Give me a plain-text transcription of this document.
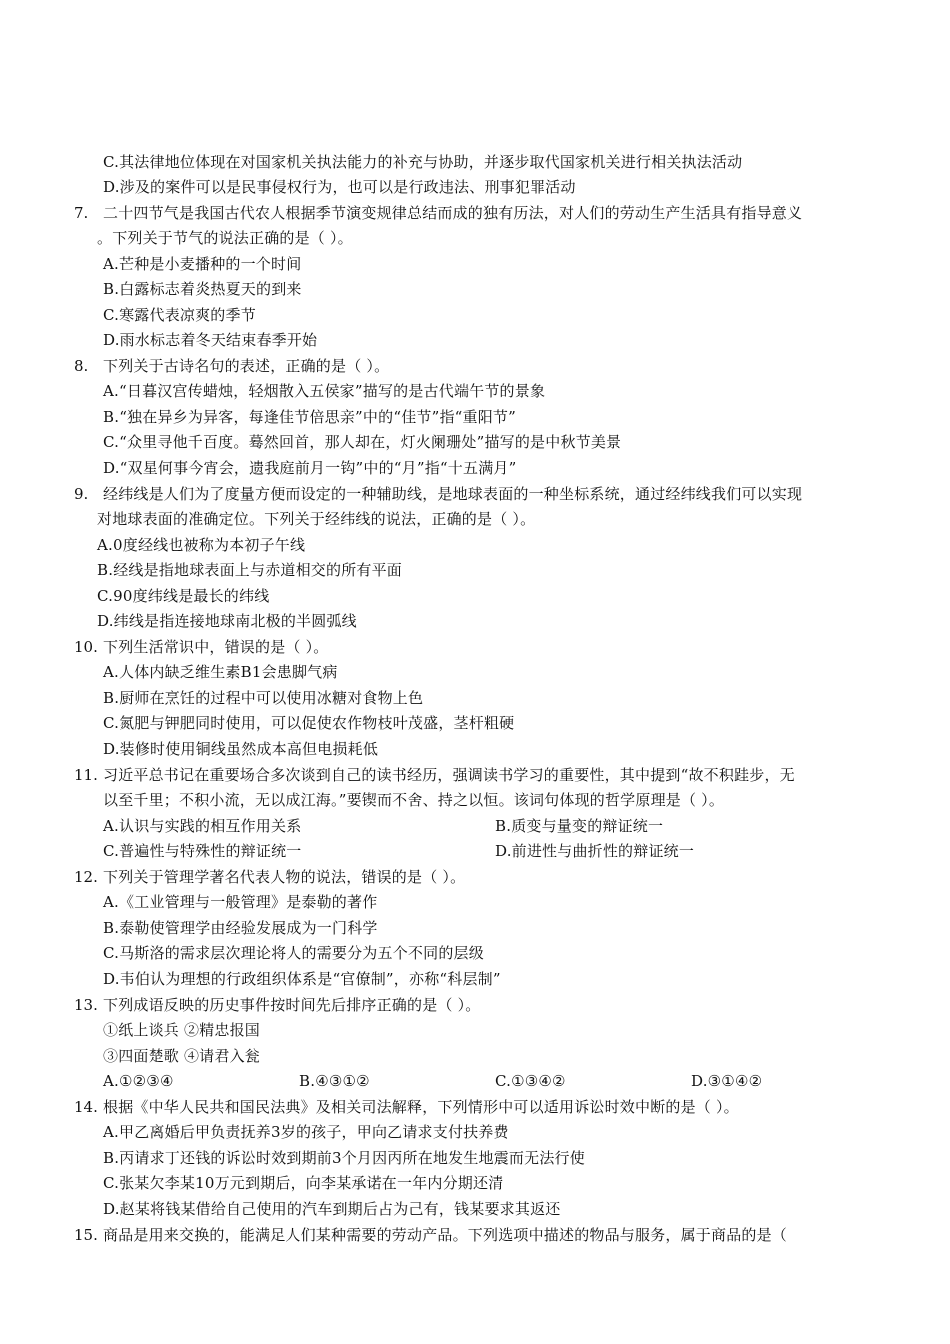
C.其法律地位体现在对国家机关执法能力的补充与协助，并逐步取代国家机关进行相关执法活动
D.涉及的案件可以是民事侵权行为，也可以是行政违法、刑事犯罪活动
7. 二十四节气是我国古代农人根据季节演变规律总结而成的独有历法，对人们的劳动生产生活具有指导意义
。下列关于节气的说法正确的是（ ）。
A.芒种是小麦播种的一个时间
B.白露标志着炎热夏天的到来
C.寒露代表凉爽的季节
D.雨水标志着冬天结束春季开始
8. 下列关于古诗名句的表述，正确的是（ ）。
A.“日暮汉宫传蜡烛，轻烟散入五侯家”描写的是古代端午节的景象
B.“独在异乡为异客，每逢佳节倍思亲”中的“佳节”指“重阳节”
C.“众里寻他千百度。蓦然回首，那人却在，灯火阑珊处”描写的是中秋节美景
D.“双星何事今宵会，遗我庭前月一钩”中的“月”指“十五满月”
9. 经纬线是人们为了度量方便而设定的一种辅助线，是地球表面的一种坐标系统，通过经纬线我们可以实现
对地球表面的准确定位。下列关于经纬线的说法，正确的是（ ）。
A.0度经线也被称为本初子午线
B.经线是指地球表面上与赤道相交的所有平面
C.90度纬线是最长的纬线
D.纬线是指连接地球南北极的半圆弧线
10. 下列生活常识中，错误的是（ ）。
A.人体内缺乏维生素B1会患脚气病
B.厨师在烹饪的过程中可以使用冰糖对食物上色
C.氮肥与钾肥同时使用，可以促使农作物枝叶茂盛，茎杆粗硬
D.装修时使用铜线虽然成本高但电损耗低
11. 习近平总书记在重要场合多次谈到自己的读书经历，强调读书学习的重要性，其中提到“故不积跬步，无
以至千里；不积小流，无以成江海。”要锲而不舍、持之以恒。该词句体现的哲学原理是（ ）。
A.认识与实践的相互作用关系	B.质变与量变的辩证统一
C.普遍性与特殊性的辩证统一	D.前进性与曲折性的辩证统一
12. 下列关于管理学著名代表人物的说法，错误的是（ ）。
A.《工业管理与一般管理》是泰勒的著作
B.泰勒使管理学由经验发展成为一门科学
C.马斯洛的需求层次理论将人的需要分为五个不同的层级
D.韦伯认为理想的行政组织体系是“官僚制”，亦称“科层制”
13. 下列成语反映的历史事件按时间先后排序正确的是（ ）。
①纸上谈兵 ②精忠报国
③四面楚歌 ④请君入瓮
A.①②③④	B.④③①②	C.①③④②	D.③①④②
14. 根据《中华人民共和国民法典》及相关司法解释，下列情形中可以适用诉讼时效中断的是（ ）。
A.甲乙离婚后甲负责抚养3岁的孩子，甲向乙请求支付扶养费
B.丙请求丁还钱的诉讼时效到期前3个月因丙所在地发生地震而无法行使
C.张某欠李某10万元到期后，向李某承诺在一年内分期还清
D.赵某将钱某借给自己使用的汽车到期后占为己有，钱某要求其返还
15. 商品是用来交换的，能满足人们某种需要的劳动产品。下列选项中描述的物品与服务，属于商品的是（
